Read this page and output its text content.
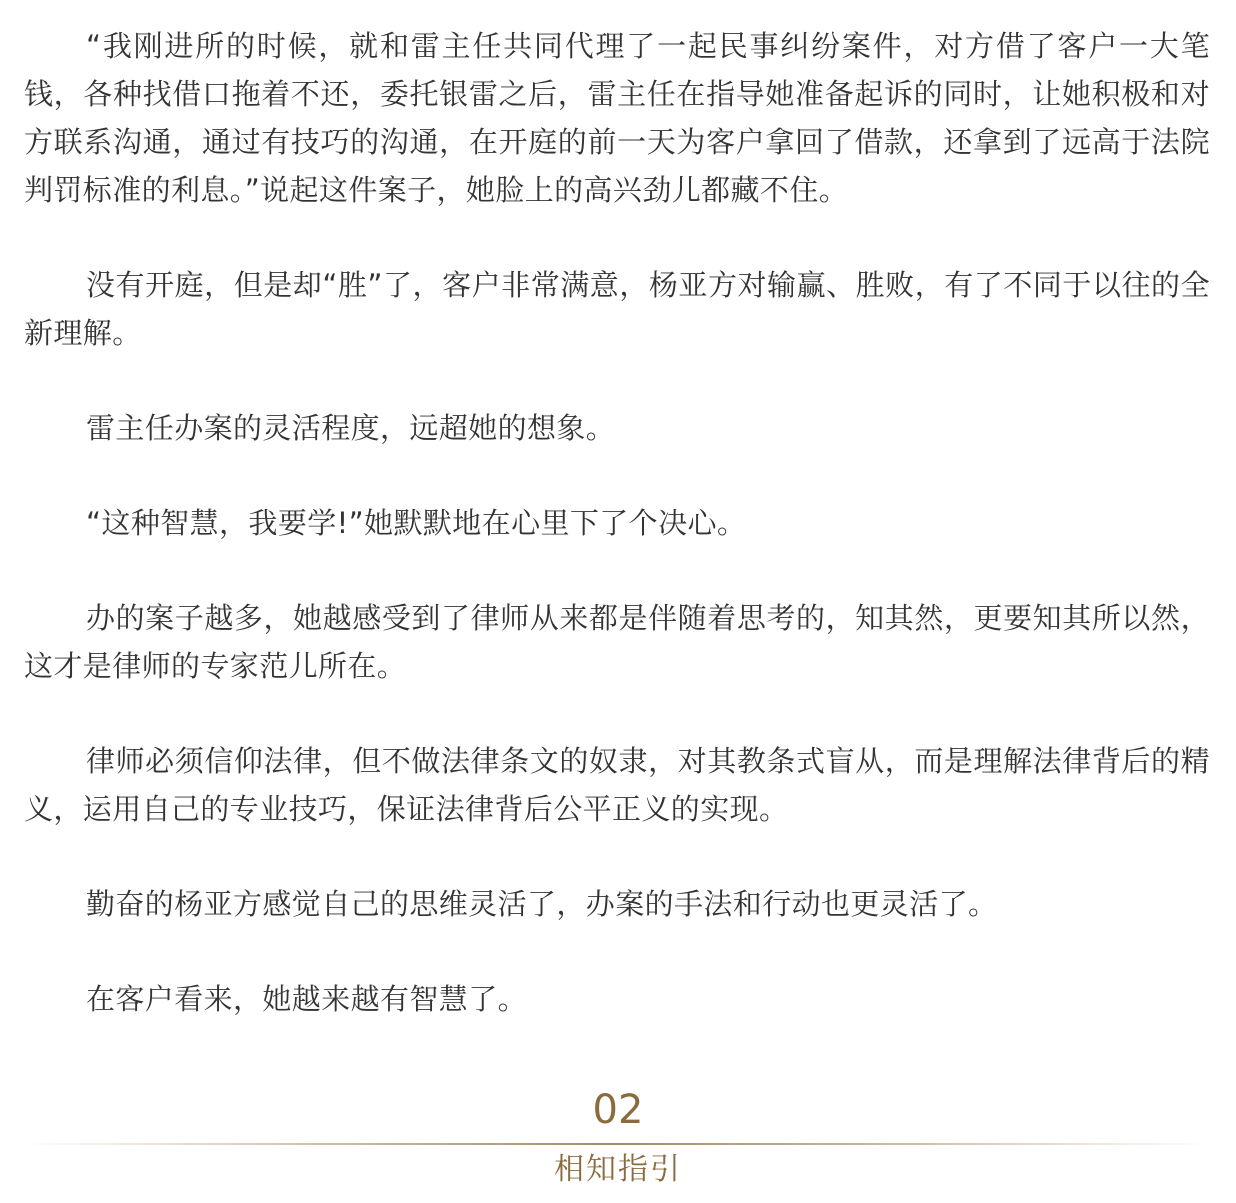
“我刚进所的时候，就和雷主任共同代理了一起民事纠纷案件，对方借了客户一大笔钱，各种找借口拖着不还，委托银雷之后，雷主任在指导她准备起诉的同时，让她积极和对方联系沟通，通过有技巧的沟通，在开庭的前一天为客户拿回了借款，还拿到了远高于法院判罚标准的利息。”说起这件案子，她脸上的高兴劲儿都藏不住。

没有开庭，但是却“胜”了，客户非常满意，杨亚方对输赢、胜败，有了不同于以往的全新理解。

雷主任办案的灵活程度，远超她的想象。

“这种智慧，我要学!”她默默地在心里下了个决心。

办的案子越多，她越感受到了律师从来都是伴随着思考的，知其然，更要知其所以然，这才是律师的专家范儿所在。

律师必须信仰法律，但不做法律条文的奴隶，对其教条式盲从，而是理解法律背后的精义，运用自己的专业技巧，保证法律背后公平正义的实现。

勤奋的杨亚方感觉自己的思维灵活了，办案的手法和行动也更灵活了。

在客户看来，她越来越有智慧了。

02
相知指引
